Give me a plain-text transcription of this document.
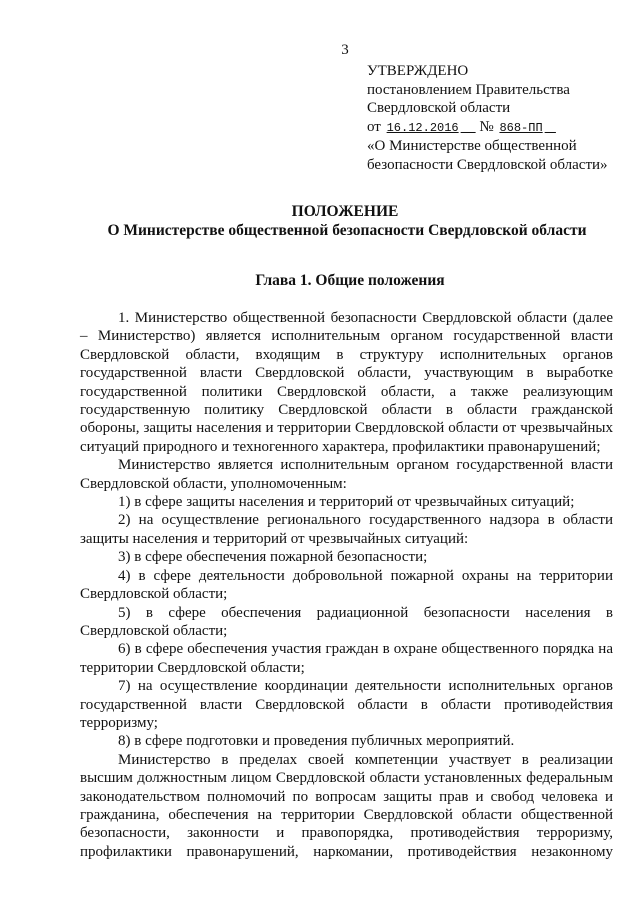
3
УТВЕРЖДЕНО
постановлением Правительства
Свердловской области
от 16.12.2016 № 868-ПП
«О Министерстве общественной
безопасности Свердловской области»
ПОЛОЖЕНИЕ
О Министерстве общественной безопасности Свердловской области
Глава 1. Общие положения

1. Министерство общественной безопасности Свердловской области (далее – Министерство) является исполнительным органом государственной власти Свердловской области, входящим в структуру исполнительных органов государственной власти Свердловской области, участвующим в выработке государственной политики Свердловской области, а также реализующим государственную политику Свердловской области в области гражданской обороны, защиты населения и территории Свердловской области от чрезвычайных ситуаций природного и техногенного характера, профилактики правонарушений;

Министерство является исполнительным органом государственной власти Свердловской области, уполномоченным:

1) в сфере защиты населения и территорий от чрезвычайных ситуаций;

2) на осуществление регионального государственного надзора в области защиты населения и территорий от чрезвычайных ситуаций:

3) в сфере обеспечения пожарной безопасности;

4) в сфере деятельности добровольной пожарной охраны на территории Свердловской области;

5) в сфере обеспечения радиационной безопасности населения в Свердловской области;

6) в сфере обеспечения участия граждан в охране общественного порядка на территории Свердловской области;

7) на осуществление координации деятельности исполнительных органов государственной власти Свердловской области в области противодействия терроризму;

8) в сфере подготовки и проведения публичных мероприятий.

Министерство в пределах своей компетенции участвует в реализации высшим должностным лицом Свердловской области установленных федеральным законодательством полномочий по вопросам защиты прав и свобод человека и гражданина, обеспечения на территории Свердловской области общественной безопасности, законности и правопорядка, противодействия терроризму, профилактики правонарушений, наркомании, противодействия незаконному
